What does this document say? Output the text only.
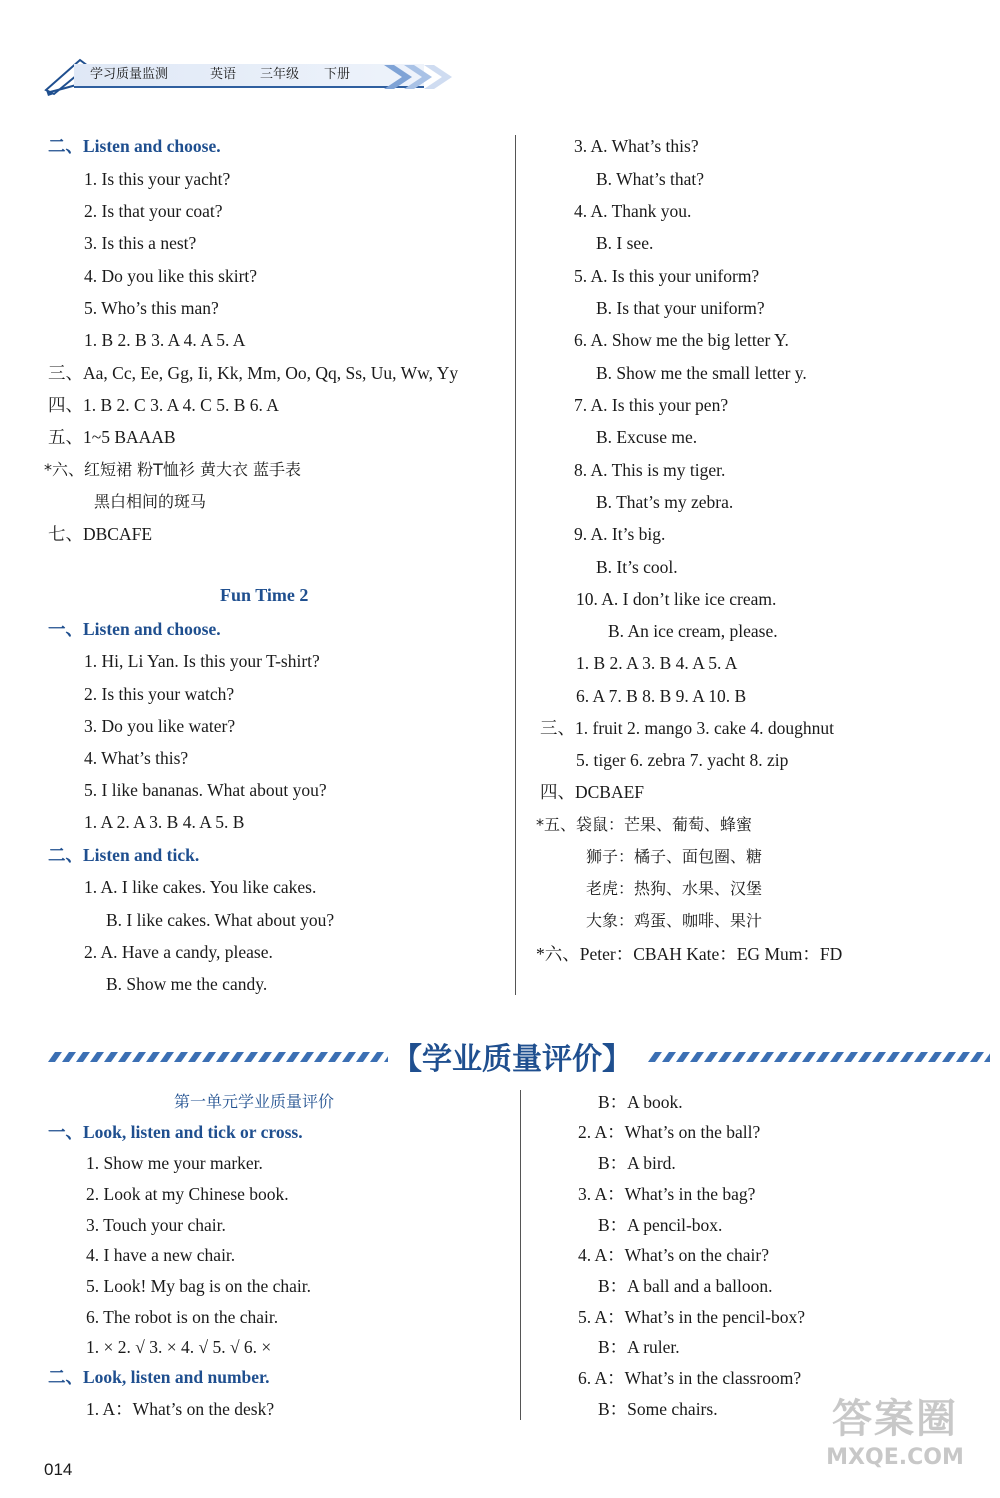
学习质量监测	英语 三年级 下册
二、Listen and choose.
1. Is this your yacht?
2. Is that your coat?
3. Is this a nest?
4. Do you like this skirt?
5. Who’s this man?
1. B 2. B 3. A 4. A 5. A
三、Aa, Cc, Ee, Gg, Ii, Kk, Mm, Oo, Qq, Ss, Uu, Ww, Yy
四、1. B 2. C 3. A 4. C 5. B 6. A
五、1~5 BAAAB
*六、红短裙 粉T恤衫 黄大衣 蓝手表
黑白相间的斑马
七、DBCAFE
Fun Time 2
一、Listen and choose.
1. Hi, Li Yan. Is this your T-shirt?
2. Is this your watch?
3. Do you like water?
4. What’s this?
5. I like bananas. What about you?
1. A 2. A 3. B 4. A 5. B
二、Listen and tick.
1. A. I like cakes. You like cakes.
B. I like cakes. What about you?
2. A. Have a candy, please.
B. Show me the candy.
3. A. What’s this?
B. What’s that?
4. A. Thank you.
B. I see.
5. A. Is this your uniform?
B. Is that your uniform?
6. A. Show me the big letter Y.
B. Show me the small letter y.
7. A. Is this your pen?
B. Excuse me.
8. A. This is my tiger.
B. That’s my zebra.
9. A. It’s big.
B. It’s cool.
10. A. I don’t like ice cream.
B. An ice cream, please.
1. B 2. A 3. B 4. A 5. A
6. A 7. B 8. B 9. A 10. B
三、1. fruit 2. mango 3. cake 4. doughnut
5. tiger 6. zebra 7. yacht 8. zip
四、DCBAEF
*五、袋鼠：芒果、葡萄、蜂蜜
狮子：橘子、面包圈、糖
老虎：热狗、水果、汉堡
大象：鸡蛋、咖啡、果汁
*六、Peter：CBAH Kate：EG Mum：FD
【学业质量评价】
第一单元学业质量评价
一、Look, listen and tick or cross.
1. Show me your marker.
2. Look at my Chinese book.
3. Touch your chair.
4. I have a new chair.
5. Look! My bag is on the chair.
6. The robot is on the chair.
1. × 2. √ 3. × 4. √ 5. √ 6. ×
二、Look, listen and number.
1. A：What’s on the desk?
B：A book.
2. A：What’s on the ball?
B：A bird.
3. A：What’s in the bag?
B：A pencil-box.
4. A：What’s on the chair?
B：A ball and a balloon.
5. A：What’s in the pencil-box?
B：A ruler.
6. A：What’s in the classroom?
B：Some chairs.
014
答案圈
MXQE.COM
